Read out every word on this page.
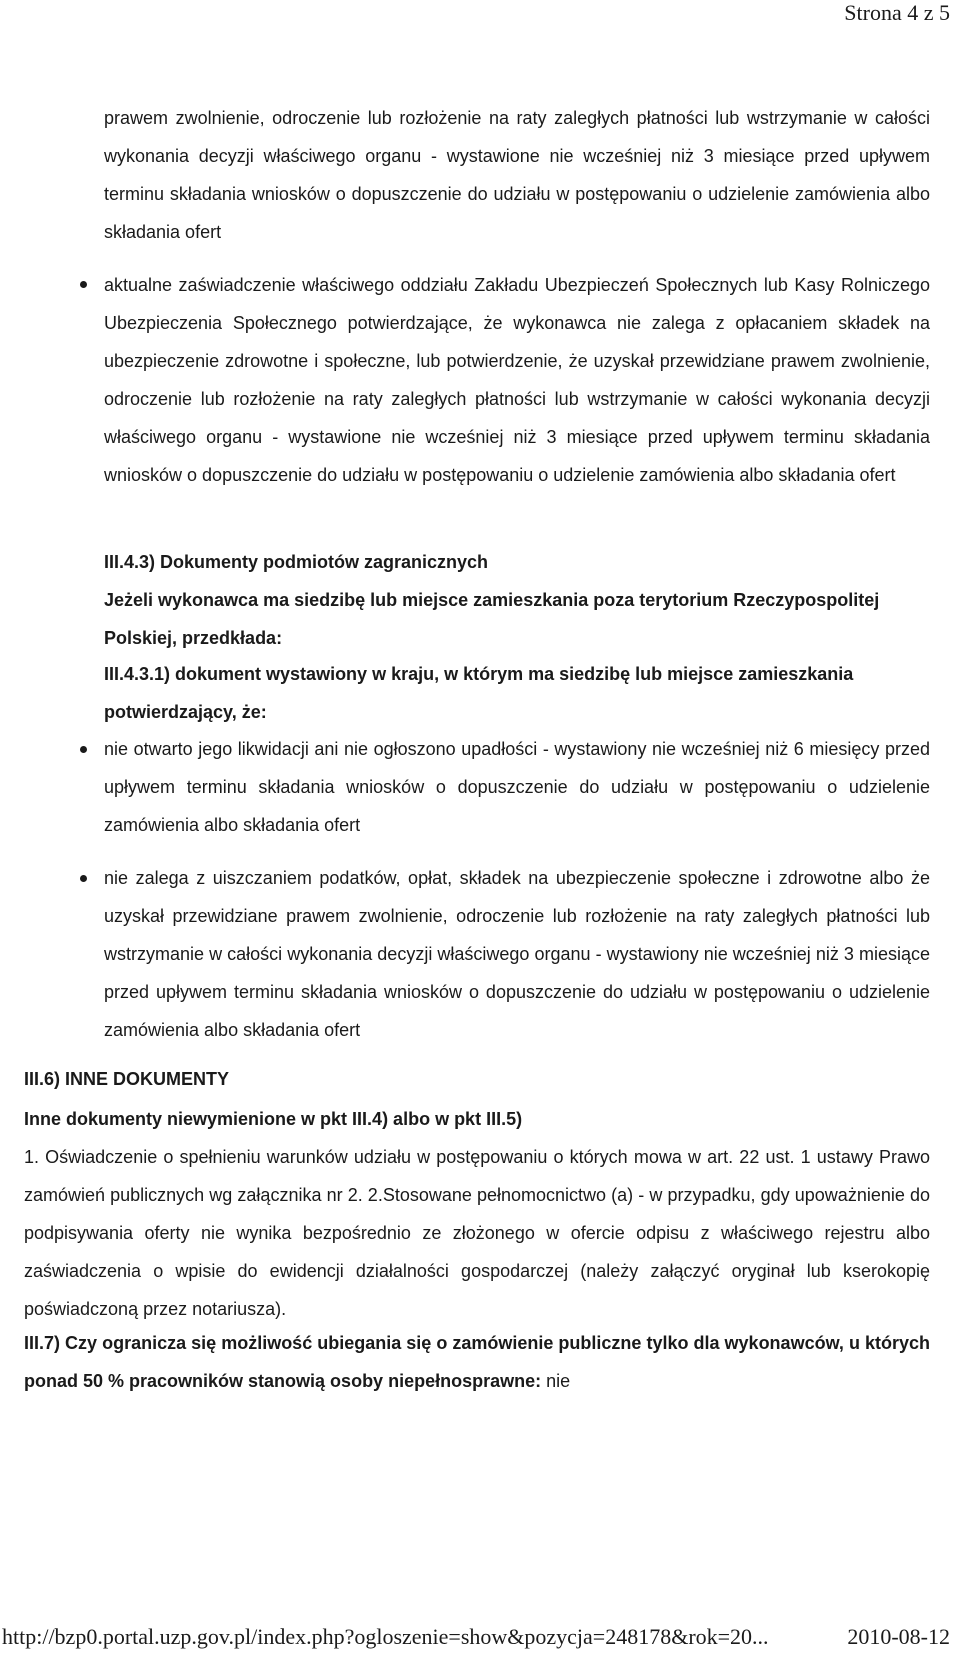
Strona 4 z 5
prawem zwolnienie, odroczenie lub rozłożenie na raty zaległych płatności lub wstrzymanie w całości wykonania decyzji właściwego organu - wystawione nie wcześniej niż 3 miesiące przed upływem terminu składania wniosków o dopuszczenie do udziału w postępowaniu o udzielenie zamówienia albo składania ofert
aktualne zaświadczenie właściwego oddziału Zakładu Ubezpieczeń Społecznych lub Kasy Rolniczego Ubezpieczenia Społecznego potwierdzające, że wykonawca nie zalega z opłacaniem składek na ubezpieczenie zdrowotne i społeczne, lub potwierdzenie, że uzyskał przewidziane prawem zwolnienie, odroczenie lub rozłożenie na raty zaległych płatności lub wstrzymanie w całości wykonania decyzji właściwego organu - wystawione nie wcześniej niż 3 miesiące przed upływem terminu składania wniosków o dopuszczenie do udziału w postępowaniu o udzielenie zamówienia albo składania ofert
III.4.3) Dokumenty podmiotów zagranicznych
Jeżeli wykonawca ma siedzibę lub miejsce zamieszkania poza terytorium Rzeczypospolitej Polskiej, przedkłada:
III.4.3.1) dokument wystawiony w kraju, w którym ma siedzibę lub miejsce zamieszkania potwierdzający, że:
nie otwarto jego likwidacji ani nie ogłoszono upadłości - wystawiony nie wcześniej niż 6 miesięcy przed upływem terminu składania wniosków o dopuszczenie do udziału w postępowaniu o udzielenie zamówienia albo składania ofert
nie zalega z uiszczaniem podatków, opłat, składek na ubezpieczenie społeczne i zdrowotne albo że uzyskał przewidziane prawem zwolnienie, odroczenie lub rozłożenie na raty zaległych płatności lub wstrzymanie w całości wykonania decyzji właściwego organu - wystawiony nie wcześniej niż 3 miesiące przed upływem terminu składania wniosków o dopuszczenie do udziału w postępowaniu o udzielenie zamówienia albo składania ofert
III.6) INNE DOKUMENTY
Inne dokumenty niewymienione w pkt III.4) albo w pkt III.5)
1. Oświadczenie o spełnieniu warunków udziału w postępowaniu o których mowa w art. 22 ust. 1 ustawy Prawo zamówień publicznych wg załącznika nr 2. 2.Stosowane pełnomocnictwo (a) - w przypadku, gdy upoważnienie do podpisywania oferty nie wynika bezpośrednio ze złożonego w ofercie odpisu z właściwego rejestru albo zaświadczenia o wpisie do ewidencji działalności gospodarczej (należy załączyć oryginał lub kserokopię poświadczoną przez notariusza).
III.7) Czy ogranicza się możliwość ubiegania się o zamówienie publiczne tylko dla wykonawców, u których ponad 50 % pracowników stanowią osoby niepełnosprawne: nie
http://bzp0.portal.uzp.gov.pl/index.php?ogloszenie=show&pozycja=248178&rok=20...	2010-08-12
